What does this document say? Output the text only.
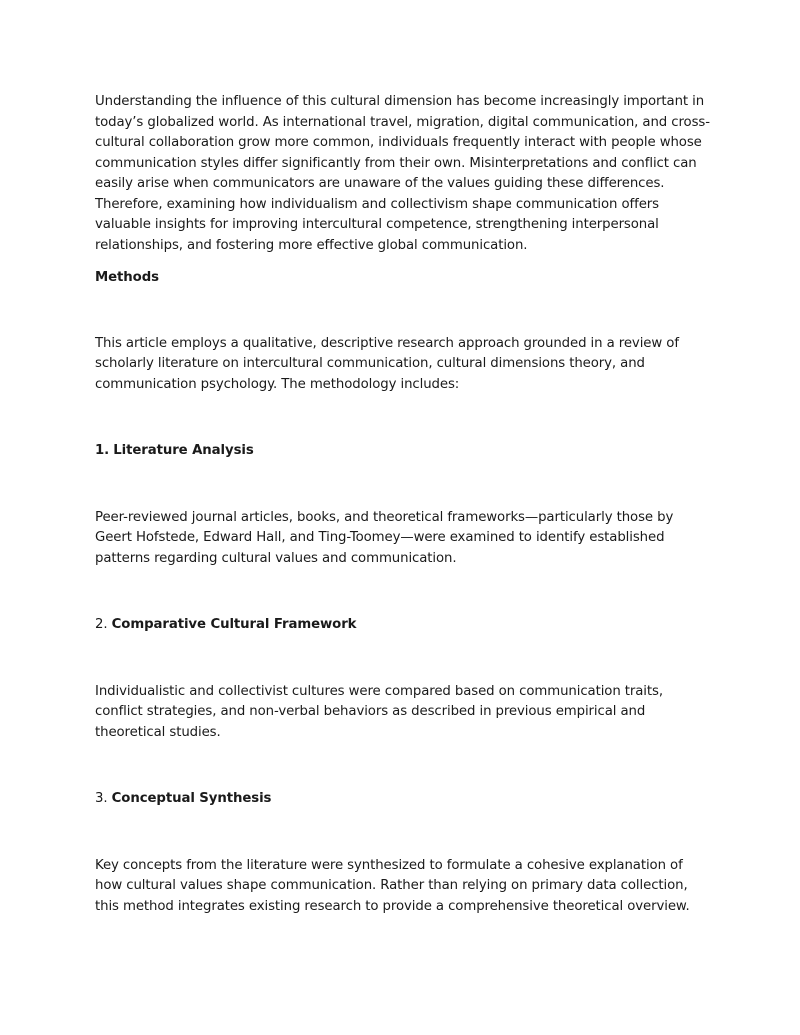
Understanding the influence of this cultural dimension has become increasingly important in today’s globalized world. As international travel, migration, digital communication, and cross-cultural collaboration grow more common, individuals frequently interact with people whose communication styles differ significantly from their own. Misinterpretations and conflict can easily arise when communicators are unaware of the values guiding these differences. Therefore, examining how individualism and collectivism shape communication offers valuable insights for improving intercultural competence, strengthening interpersonal relationships, and fostering more effective global communication.

Methods

This article employs a qualitative, descriptive research approach grounded in a review of scholarly literature on intercultural communication, cultural dimensions theory, and communication psychology. The methodology includes:

1. Literature Analysis

Peer-reviewed journal articles, books, and theoretical frameworks—particularly those by Geert Hofstede, Edward Hall, and Ting-Toomey—were examined to identify established patterns regarding cultural values and communication.

2. Comparative Cultural Framework

Individualistic and collectivist cultures were compared based on communication traits, conflict strategies, and non-verbal behaviors as described in previous empirical and theoretical studies.

3. Conceptual Synthesis

Key concepts from the literature were synthesized to formulate a cohesive explanation of how cultural values shape communication. Rather than relying on primary data collection, this method integrates existing research to provide a comprehensive theoretical overview.
